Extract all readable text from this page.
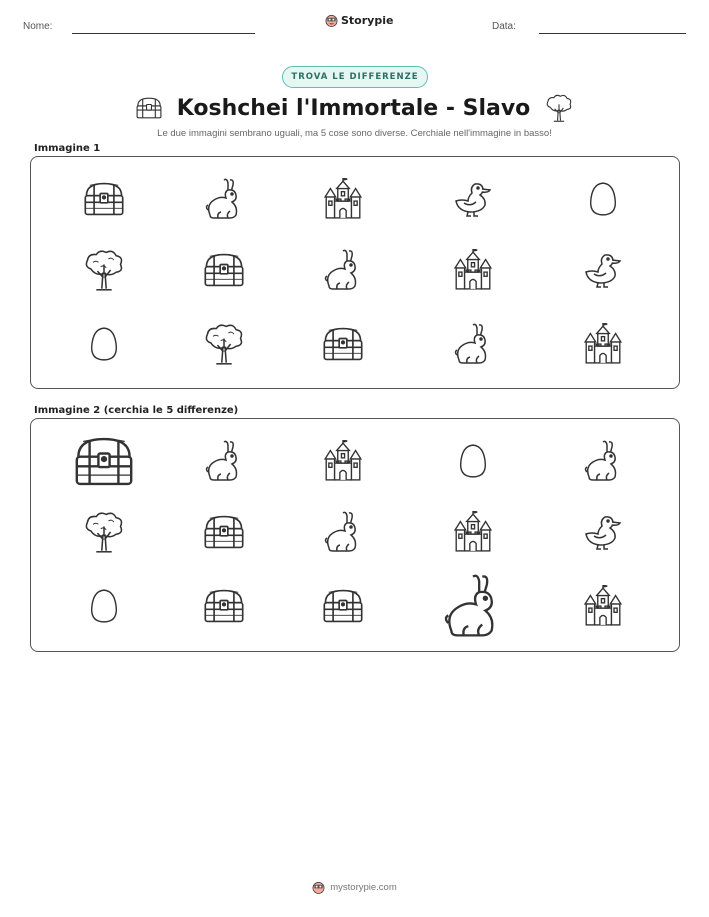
Nome:	Storypie	Data:
TROVA LE DIFFERENZE
Koshchei l'Immortale - Slavo
Le due immagini sembrano uguali, ma 5 cose sono diverse. Cerchiale nell'immagine in basso!
Immagine 1
Immagine 2 (cerchia le 5 differenze)
mystorypie.com
